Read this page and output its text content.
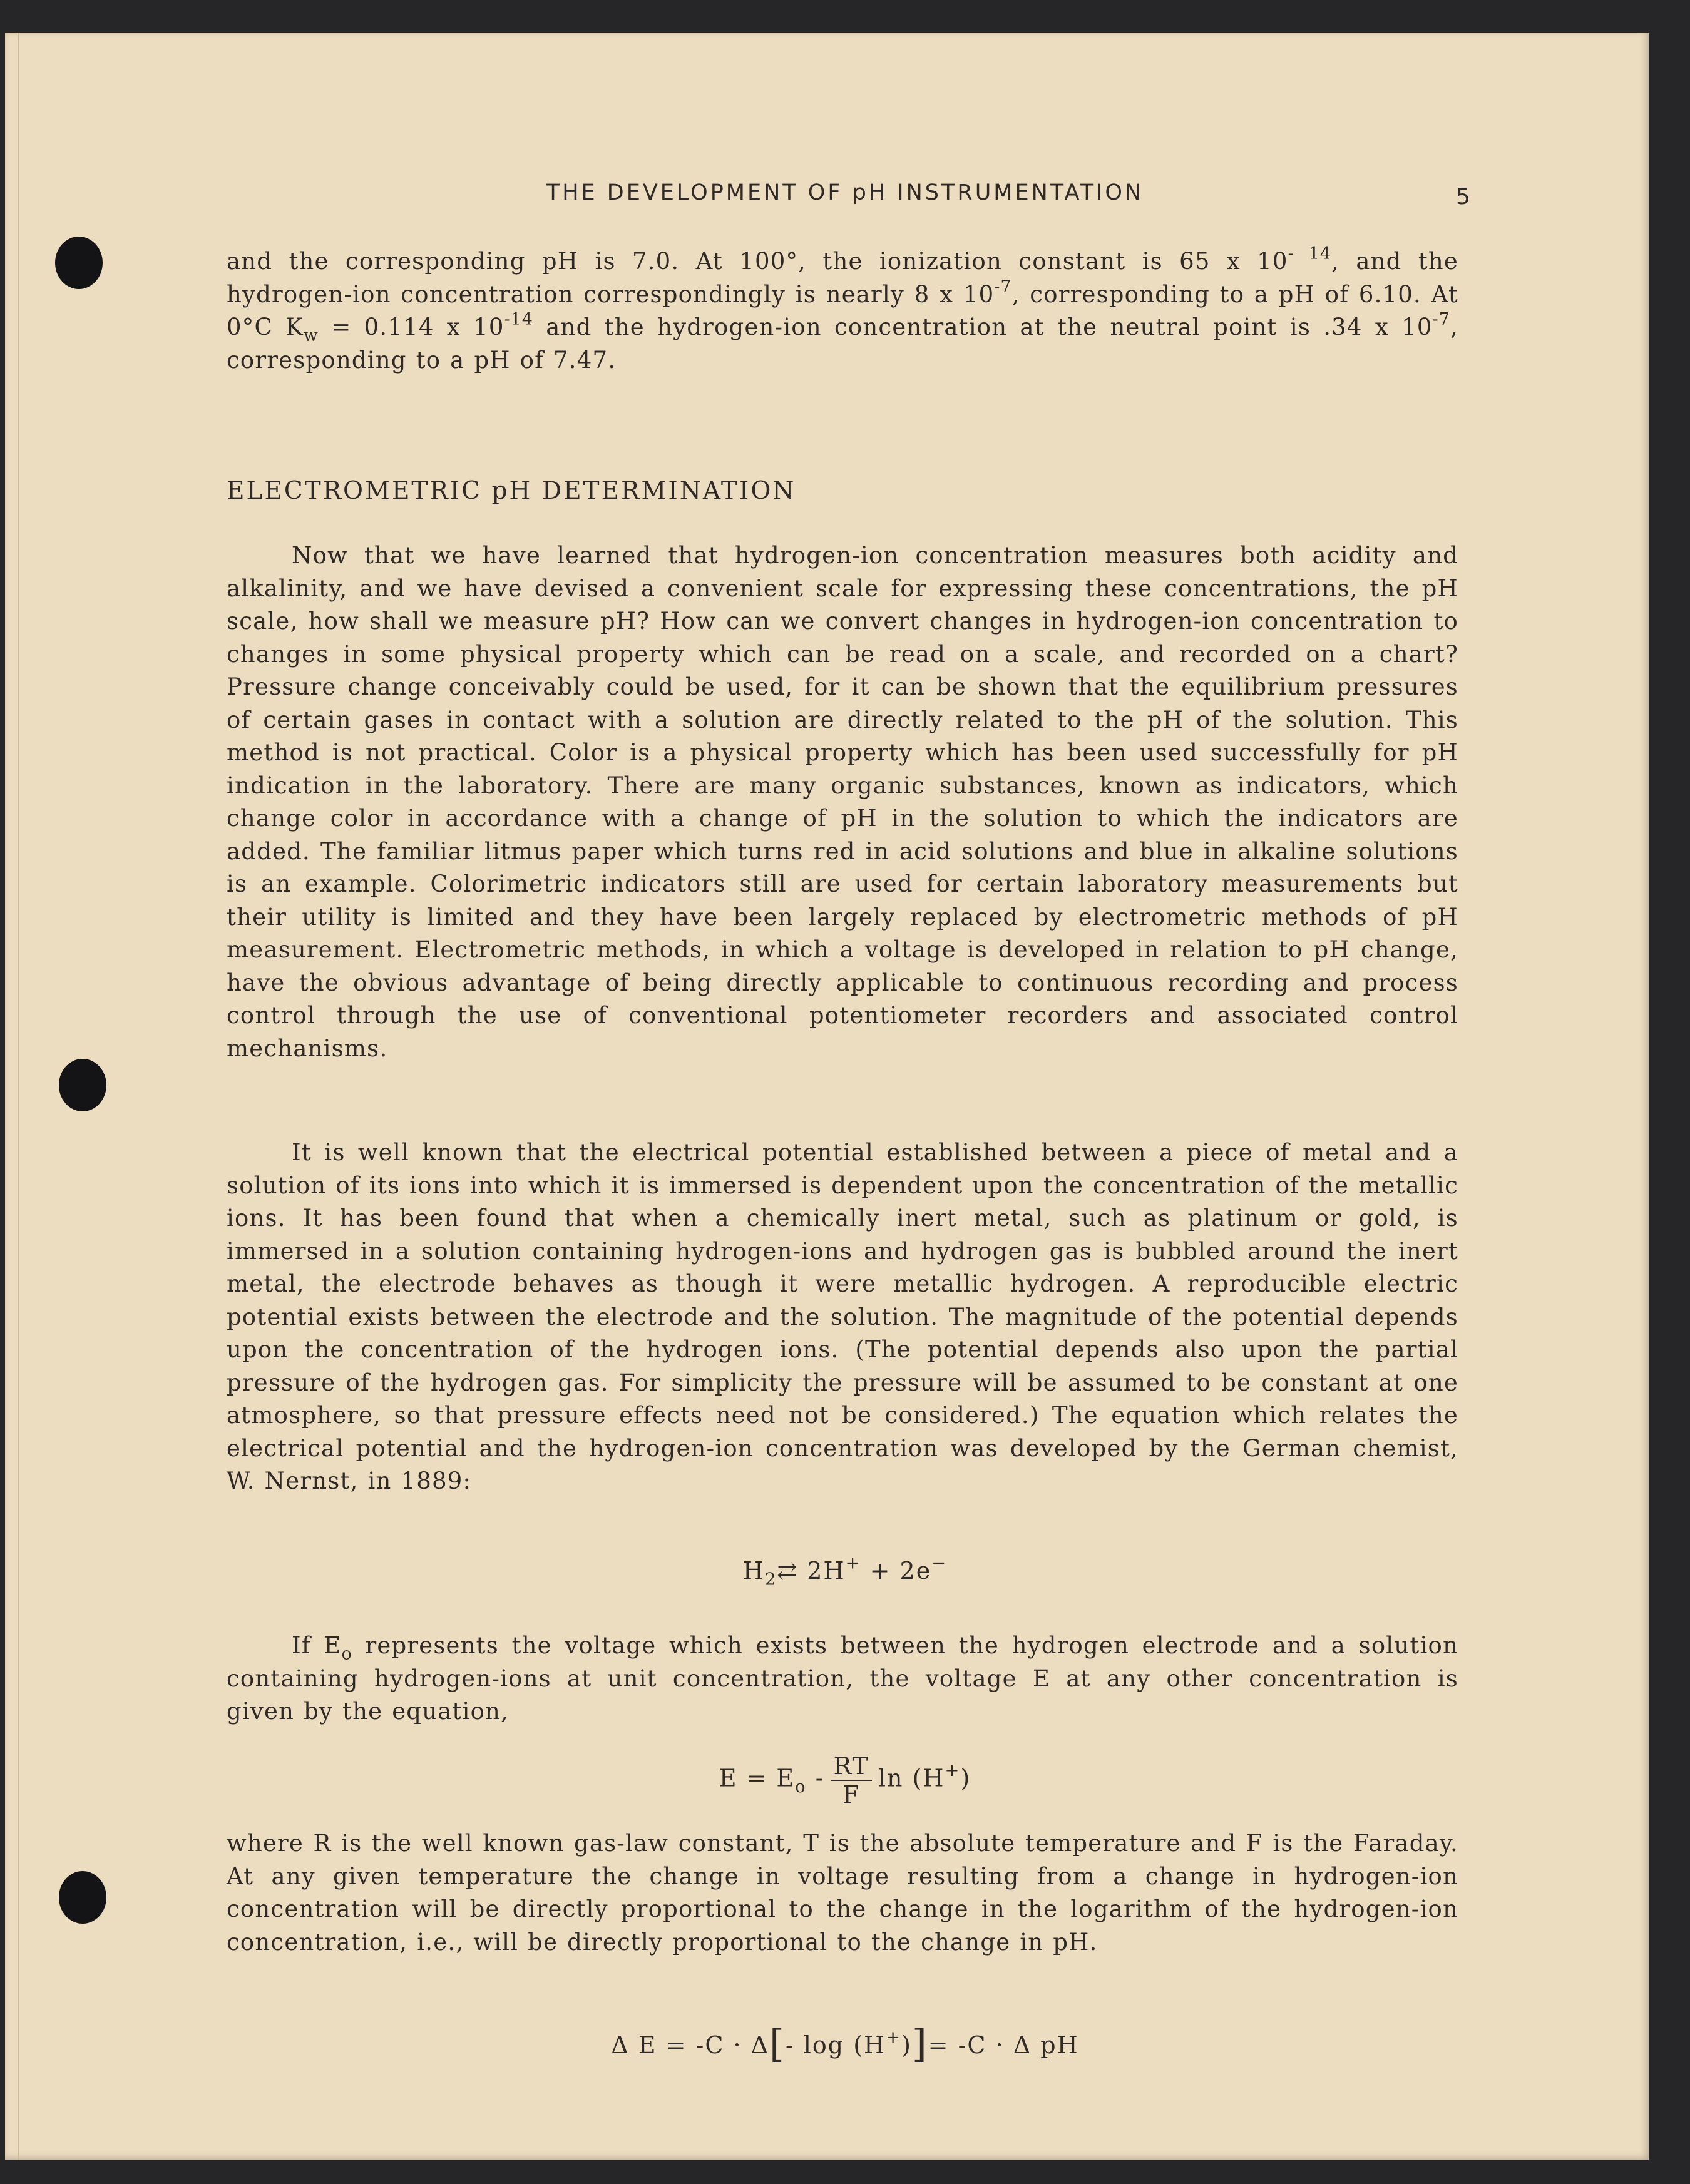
THE DEVELOPMENT OF pH INSTRUMENTATION	5
and the corresponding pH is 7.0. At 100°, the ionization constant is 65 x $10^{- 14}$, and the hydrogen-ion concentration correspondingly is nearly 8 x $10^{-7}$, corresponding to a pH of 6.10. At 0°C $K_w = 0.114$ x $10^{-14}$ and the hydrogen-ion concentration at the neutral point is .34 x $10^{-7}$, corresponding to a pH of 7.47.
ELECTROMETRIC pH DETERMINATION
Now that we have learned that hydrogen-ion concentration measures both acidity and alkalinity, and we have devised a convenient scale for expressing these concentrations, the pH scale, how shall we measure pH? How can we convert changes in hydrogen-ion concentration to changes in some physical property which can be read on a scale, and recorded on a chart? Pressure change conceivably could be used, for it can be shown that the equilibrium pressures of certain gases in contact with a solution are directly related to the pH of the solution. This method is not practical. Color is a physical property which has been used successfully for pH indication in the laboratory. There are many organic substances, known as indicators, which change color in accordance with a change of pH in the solution to which the indicators are added. The familiar litmus paper which turns red in acid solutions and blue in alkaline solutions is an example. Colorimetric indicators still are used for certain laboratory measurements but their utility is limited and they have been largely replaced by electrometric methods of pH measurement. Electrometric methods, in which a voltage is developed in relation to pH change, have the obvious advantage of being directly applicable to continuous recording and process control through the use of conventional potentiometer recorders and associated control mechanisms.
It is well known that the electrical potential established between a piece of metal and a solution of its ions into which it is immersed is dependent upon the concentration of the metallic ions. It has been found that when a chemically inert metal, such as platinum or gold, is immersed in a solution containing hydrogen-ions and hydrogen gas is bubbled around the inert metal, the electrode behaves as though it were metallic hydrogen. A reproducible electric potential exists between the electrode and the solution. The magnitude of the potential depends upon the concentration of the hydrogen ions. (The potential depends also upon the partial pressure of the hydrogen gas. For simplicity the pressure will be assumed to be constant at one atmosphere, so that pressure effects need not be considered.) The equation which relates the electrical potential and the hydrogen-ion concentration was developed by the German chemist, W. Nernst, in 1889:
$H_2⇄$ 2H+ + 2e−
If $E_o$ represents the voltage which exists between the hydrogen electrode and a solution containing hydrogen-ions at unit concentration, the voltage E at any other concentration is given by the equation,
$E = E_o - \frac{RT}{F}$ ln (H+)
where R is the well known gas-law constant, T is the absolute temperature and F is the Faraday. At any given temperature the change in voltage resulting from a change in hydrogen-ion concentration will be directly proportional to the change in the logarithm of the hydrogen-ion concentration, i.e., will be directly proportional to the change in pH.
Δ E = -C · Δ[- log (H+)]= -C · Δ pH
